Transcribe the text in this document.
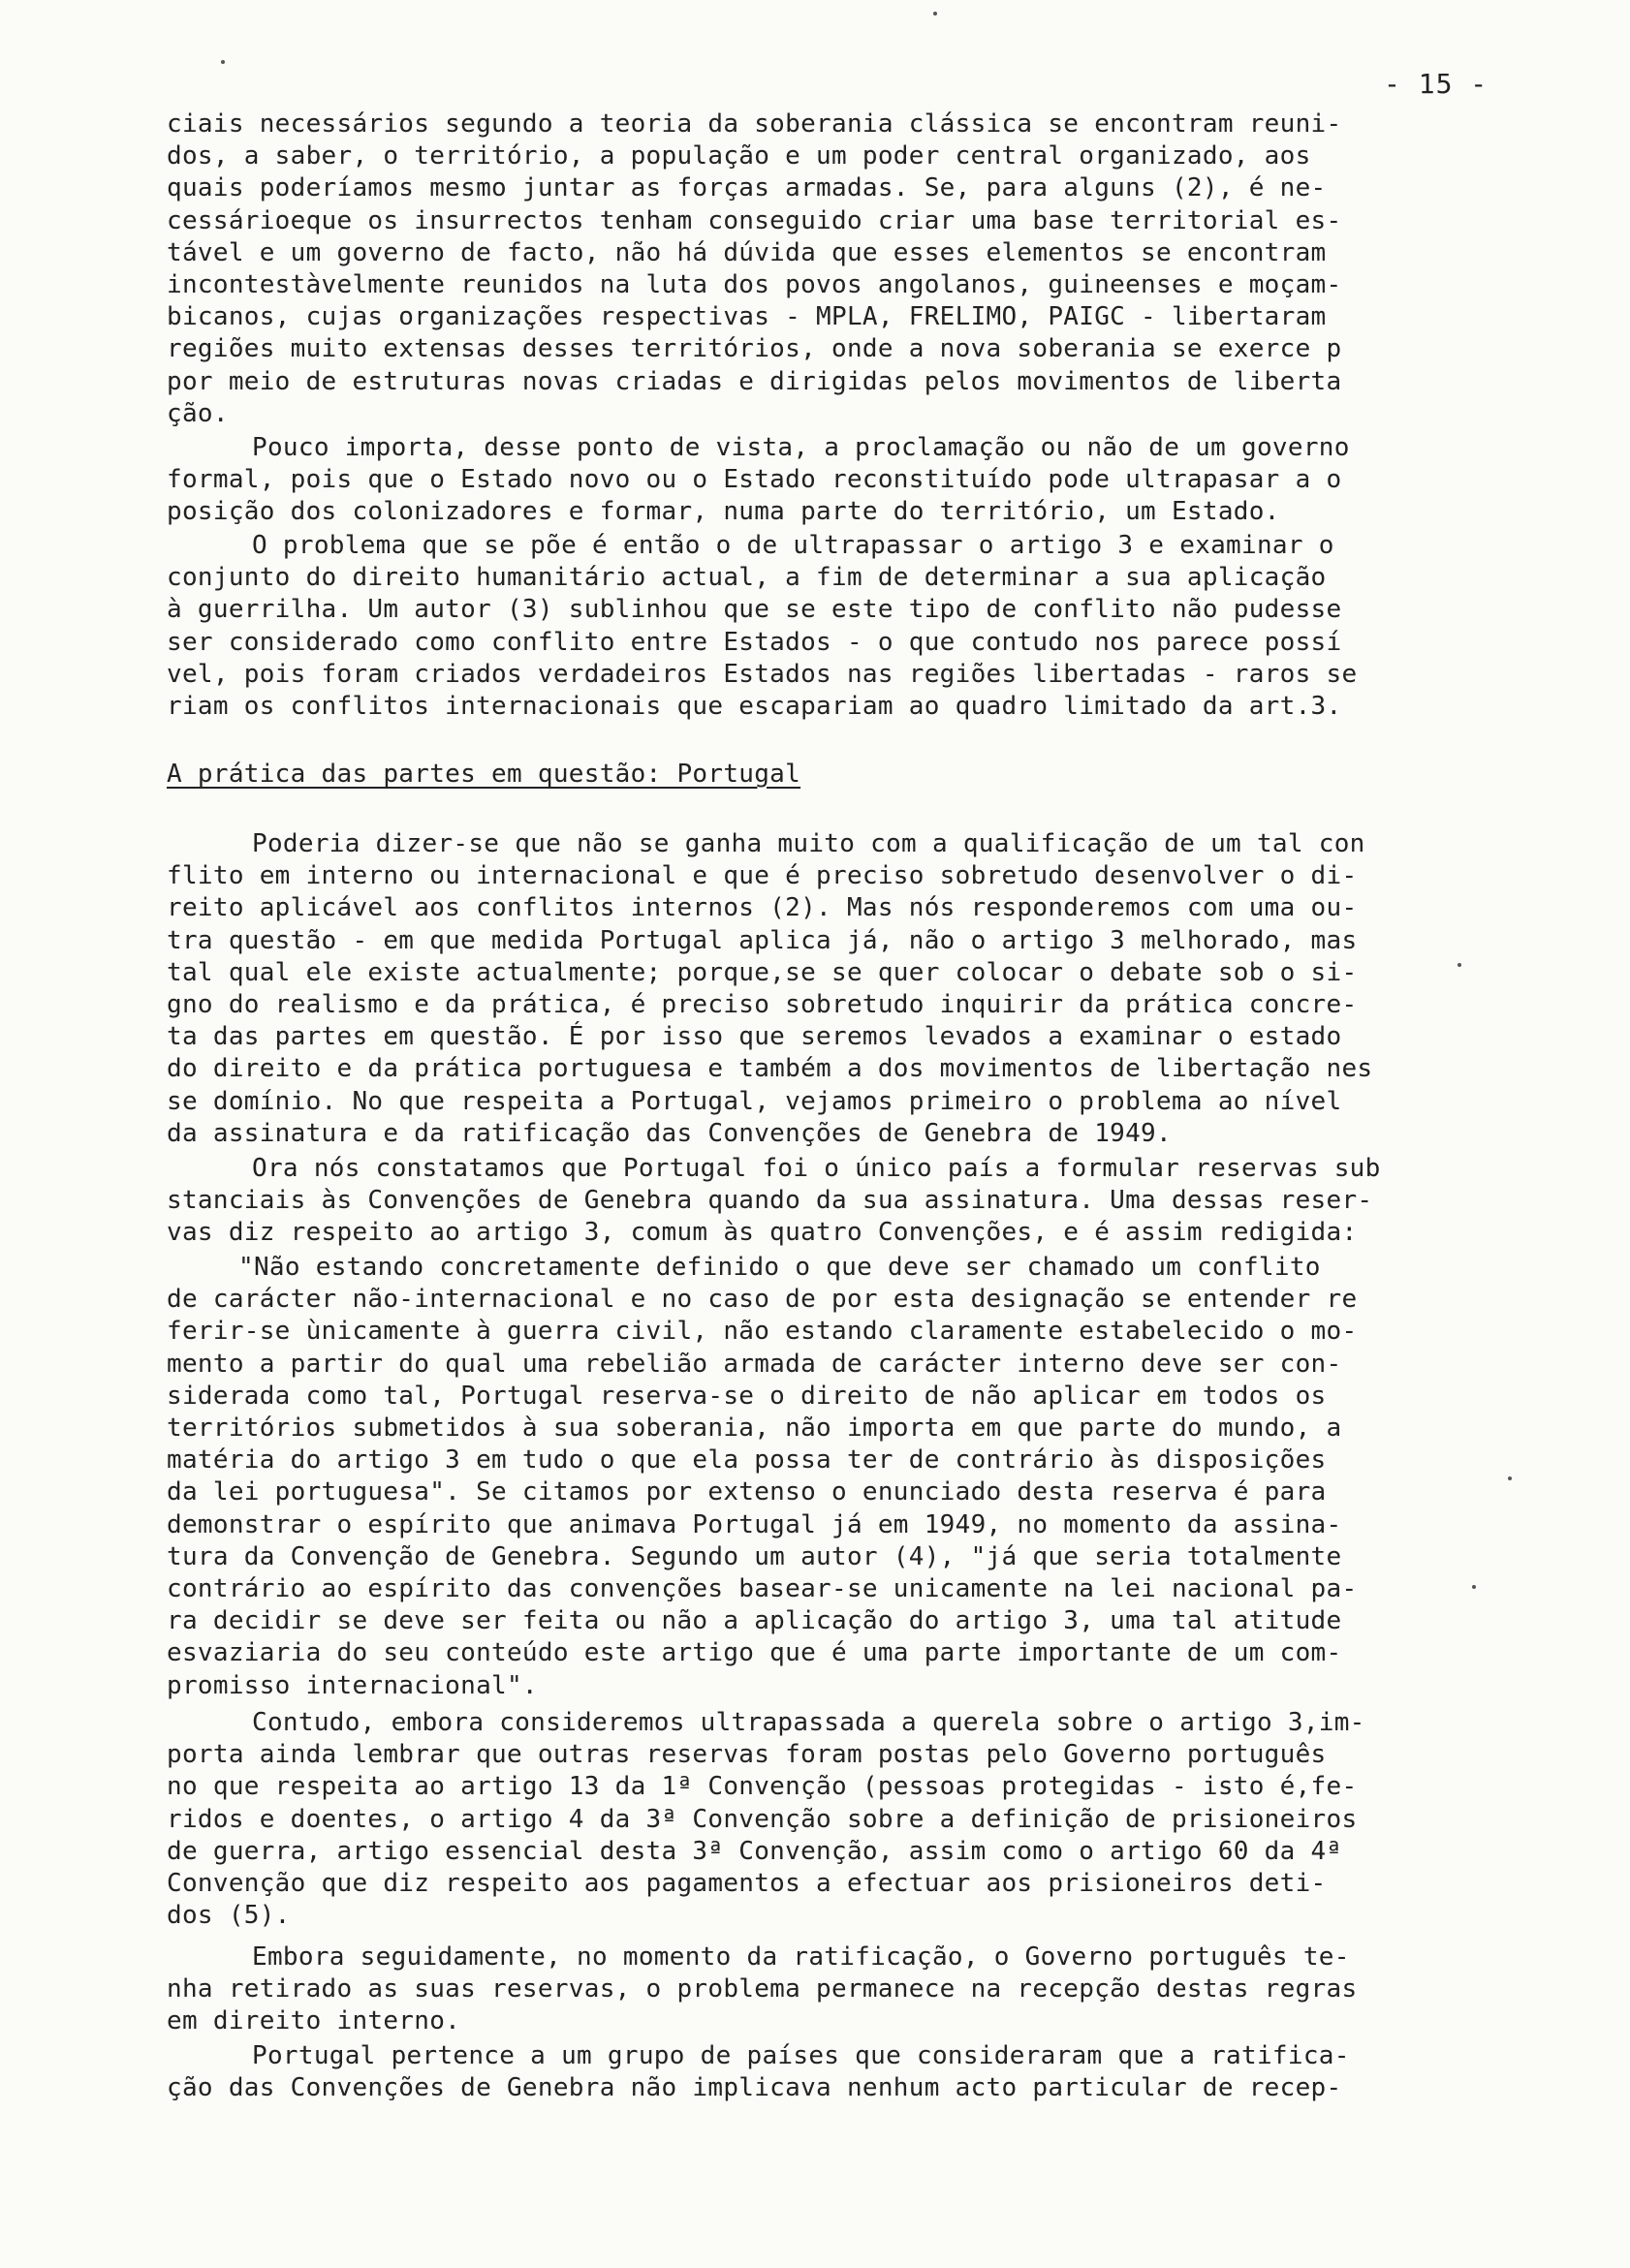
- 15 -
ciais necessários segundo a teoria da soberania clássica se encontram reuni-
dos, a saber, o território, a população e um poder central organizado, aos
quais poderíamos mesmo juntar as forças armadas. Se, para alguns (2), é ne-
cessárioeque os insurrectos tenham conseguido criar uma base territorial es-
tável e um governo de facto, não há dúvida que esses elementos se encontram
incontestàvelmente reunidos na luta dos povos angolanos, guineenses e moçam-
bicanos, cujas organizações respectivas - MPLA, FRELIMO, PAIGC - libertaram
regiões muito extensas desses territórios, onde a nova soberania se exerce p
por meio de estruturas novas criadas e dirigidas pelos movimentos de liberta
ção.
Pouco importa, desse ponto de vista, a proclamação ou não de um governo
formal, pois que o Estado novo ou o Estado reconstituído pode ultrapasar a o
posição dos colonizadores e formar, numa parte do território, um Estado.
O problema que se põe é então o de ultrapassar o artigo 3 e examinar o
conjunto do direito humanitário actual, a fim de determinar a sua aplicação
à guerrilha. Um autor (3) sublinhou que se este tipo de conflito não pudesse
ser considerado como conflito entre Estados - o que contudo nos parece possí
vel, pois foram criados verdadeiros Estados nas regiões libertadas - raros se
riam os conflitos internacionais que escapariam ao quadro limitado da art.3.
A prática das partes em questão: Portugal
Poderia dizer-se que não se ganha muito com a qualificação de um tal con
flito em interno ou internacional e que é preciso sobretudo desenvolver o di-
reito aplicável aos conflitos internos (2). Mas nós responderemos com uma ou-
tra questão - em que medida Portugal aplica já, não o artigo 3 melhorado, mas
tal qual ele existe actualmente; porque,se se quer colocar o debate sob o si-
gno do realismo e da prática, é preciso sobretudo inquirir da prática concre-
ta das partes em questão. É por isso que seremos levados a examinar o estado
do direito e da prática portuguesa e também a dos movimentos de libertação nes
se domínio. No que respeita a Portugal, vejamos primeiro o problema ao nível
da assinatura e da ratificação das Convenções de Genebra de 1949.
Ora nós constatamos que Portugal foi o único país a formular reservas sub
stanciais às Convenções de Genebra quando da sua assinatura. Uma dessas reser-
vas diz respeito ao artigo 3, comum às quatro Convenções, e é assim redigida:
"Não estando concretamente definido o que deve ser chamado um conflito
de carácter não-internacional e no caso de por esta designação se entender re
ferir-se ùnicamente à guerra civil, não estando claramente estabelecido o mo-
mento a partir do qual uma rebelião armada de carácter interno deve ser con-
siderada como tal, Portugal reserva-se o direito de não aplicar em todos os
territórios submetidos à sua soberania, não importa em que parte do mundo, a
matéria do artigo 3 em tudo o que ela possa ter de contrário às disposições
da lei portuguesa". Se citamos por extenso o enunciado desta reserva é para
demonstrar o espírito que animava Portugal já em 1949, no momento da assina-
tura da Convenção de Genebra. Segundo um autor (4), "já que seria totalmente
contrário ao espírito das convenções basear-se unicamente na lei nacional pa-
ra decidir se deve ser feita ou não a aplicação do artigo 3, uma tal atitude
esvaziaria do seu conteúdo este artigo que é uma parte importante de um com-
promisso internacional".
Contudo, embora consideremos ultrapassada a querela sobre o artigo 3,im-
porta ainda lembrar que outras reservas foram postas pelo Governo português
no que respeita ao artigo 13 da 1ª Convenção (pessoas protegidas - isto é,fe-
ridos e doentes, o artigo 4 da 3ª Convenção sobre a definição de prisioneiros
de guerra, artigo essencial desta 3ª Convenção, assim como o artigo 60 da 4ª
Convenção que diz respeito aos pagamentos a efectuar aos prisioneiros deti-
dos (5).
Embora seguidamente, no momento da ratificação, o Governo português te-
nha retirado as suas reservas, o problema permanece na recepção destas regras
em direito interno.
Portugal pertence a um grupo de países que consideraram que a ratifica-
ção das Convenções de Genebra não implicava nenhum acto particular de recep-
